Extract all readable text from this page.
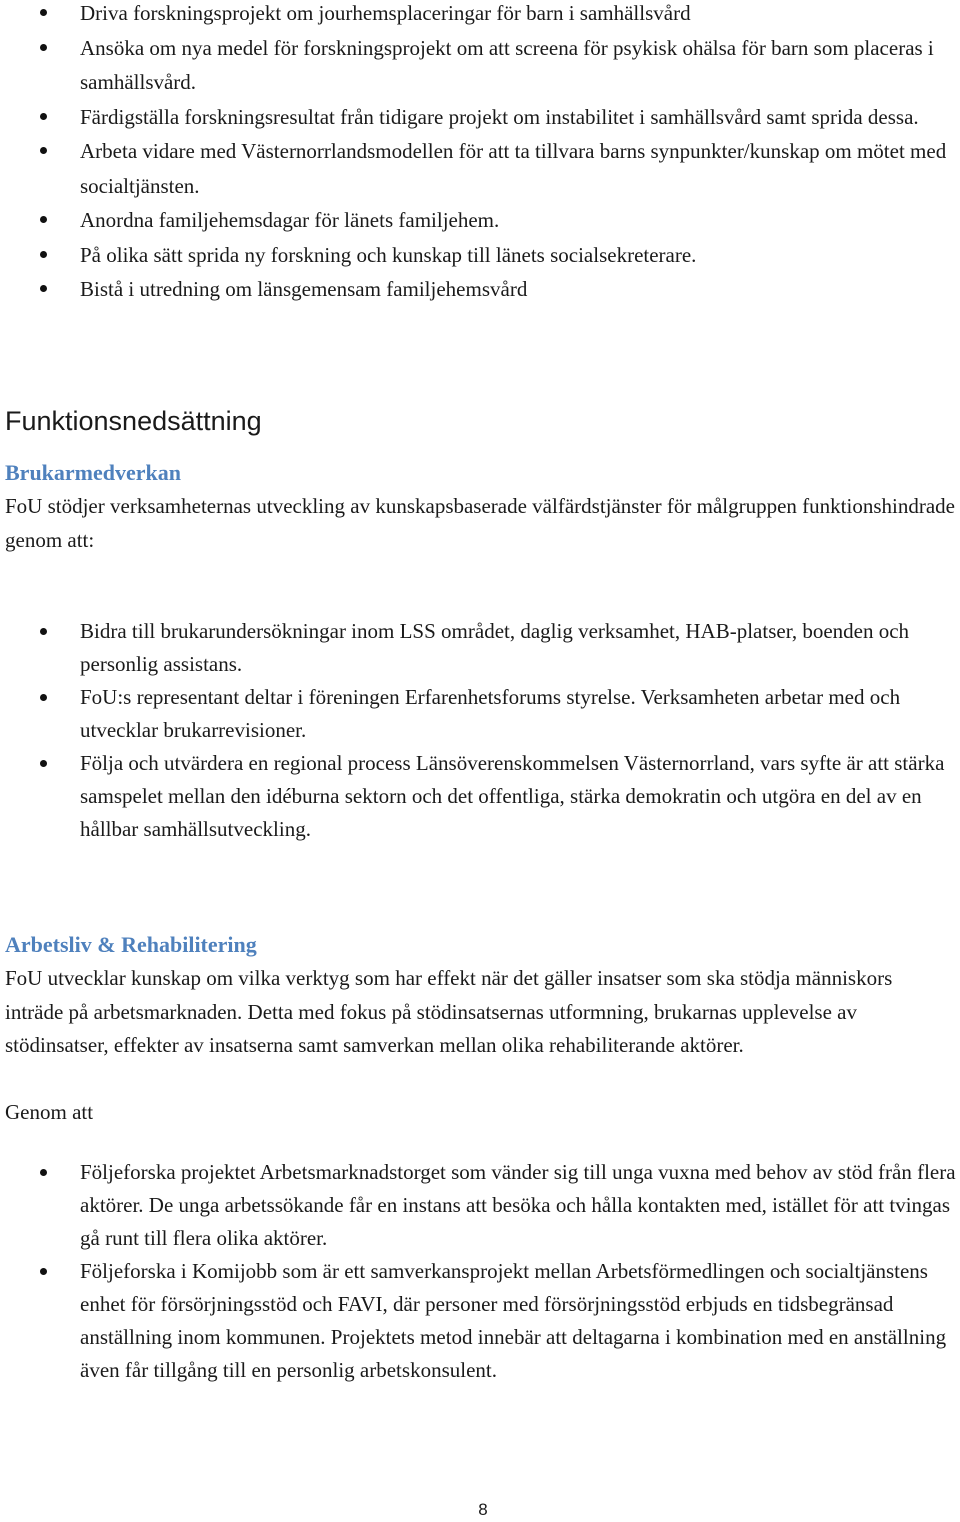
Driva forskningsprojekt om jourhemsplaceringar för barn i samhällsvård
Ansöka om nya medel för forskningsprojekt om att screena för psykisk ohälsa för barn som placeras i samhällsvård.
Färdigställa forskningsresultat från tidigare projekt om instabilitet i samhällsvård samt sprida dessa.
Arbeta vidare med Västernorrlandsmodellen för att ta tillvara barns synpunkter/kunskap om mötet med socialtjänsten.
Anordna familjehemsdagar för länets familjehem.
På olika sätt sprida ny forskning och kunskap till länets socialsekreterare.
Bistå i utredning om länsgemensam familjehemsvård
Funktionsnedsättning
Brukarmedverkan

FoU stödjer verksamheternas utveckling av kunskapsbaserade välfärdstjänster för målgruppen funktionshindrade genom att:

Bidra till brukarundersökningar inom LSS området, daglig verksamhet, HAB-platser, boenden och personlig assistans.
FoU:s representant deltar i föreningen Erfarenhetsforums styrelse. Verksamheten arbetar med och utvecklar brukarrevisioner.
Följa och utvärdera en regional process Länsöverenskommelsen Västernorrland, vars syfte är att stärka samspelet mellan den idéburna sektorn och det offentliga, stärka demokratin och utgöra en del av en hållbar samhällsutveckling.
Arbetsliv & Rehabilitering

FoU utvecklar kunskap om vilka verktyg som har effekt när det gäller insatser som ska stödja människors inträde på arbetsmarknaden. Detta med fokus på stödinsatsernas utformning, brukarnas upplevelse av stödinsatser, effekter av insatserna samt samverkan mellan olika rehabiliterande aktörer.

Genom att

Följeforska projektet Arbetsmarknadstorget som vänder sig till unga vuxna med behov av stöd från flera aktörer. De unga arbetssökande får en instans att besöka och hålla kontakten med, istället för att tvingas gå runt till flera olika aktörer.
Följeforska i Komijobb som är ett samverkansprojekt mellan Arbetsförmedlingen och socialtjänstens enhet för försörjningsstöd och FAVI, där personer med försörjningsstöd erbjuds en tidsbegränsad anställning inom kommunen. Projektets metod innebär att deltagarna i kombination med en anställning även får tillgång till en personlig arbetskonsulent.
8
